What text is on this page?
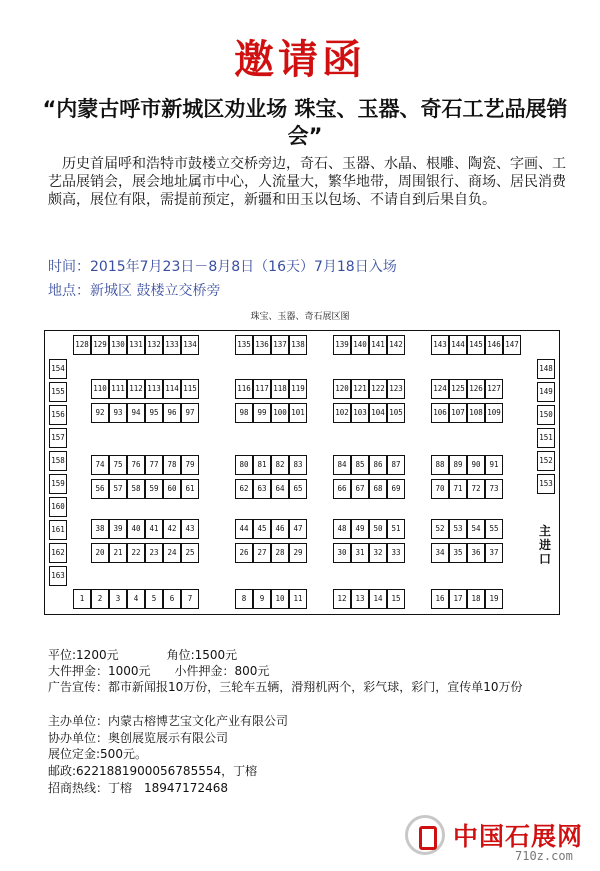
邀请函
“内蒙古呼市新城区劝业场 珠宝、玉器、奇石工艺品展销会”
历史首届呼和浩特市鼓楼立交桥旁边，奇石、玉器、水晶、根雕、陶瓷、字画、工艺品展销会，展会地址属市中心，人流量大，繁华地带，周围银行、商场、居民消费颇高，展位有限，需提前预定，新疆和田玉以包场、不请自到后果自负。
时间：2015年7月23日－8月8日（16天）7月18日入场
地点：新城区 鼓楼立交桥旁
珠宝、玉器、奇石展区图
主进口
128 129 130 131 132 133 134	135 136 137 138	139 140 141 142	143 144 145 146 147
110 111 112 113 114 115	116 117 118 119	120 121 122 123	124 125 126 127
92	93	94	95	96	97	98	99 100 101	102 103 104 105	106 107 108 109
74	75	76	77	78	79	80	81	82	83	84	85	86	87	88	89	90	91
56	57	58	59	60	61	62	63	64	65	66	67	68	69	70	71	72	73
38	39	40	41	42	43	44	45	46	47	48	49	50	51	52	53	54	55
20	21	22	23	24	25	26	27	28	29	30	31	32	33	34	35	36	37
1	2	3	4	5	6	7	8	9	10	11	12	13	14	15	16	17	18	19
154
155
156
157
158
159
160
161
162
163
148
149
150
151
152
153
平位:1200元　　　　角位:1500元
大件押金：1000元　　小件押金：800元
广告宣传：都市新闻报10万份，三轮车五辆，滑翔机两个，彩气球，彩门，宣传单10万份
主办单位：内蒙古榕博艺宝文化产业有限公司
协办单位：奥创展览展示有限公司
展位定金:500元。
邮政:6221881900056785554，丁榕
招商热线：丁榕　18947172468
中国石展网
710z.com
